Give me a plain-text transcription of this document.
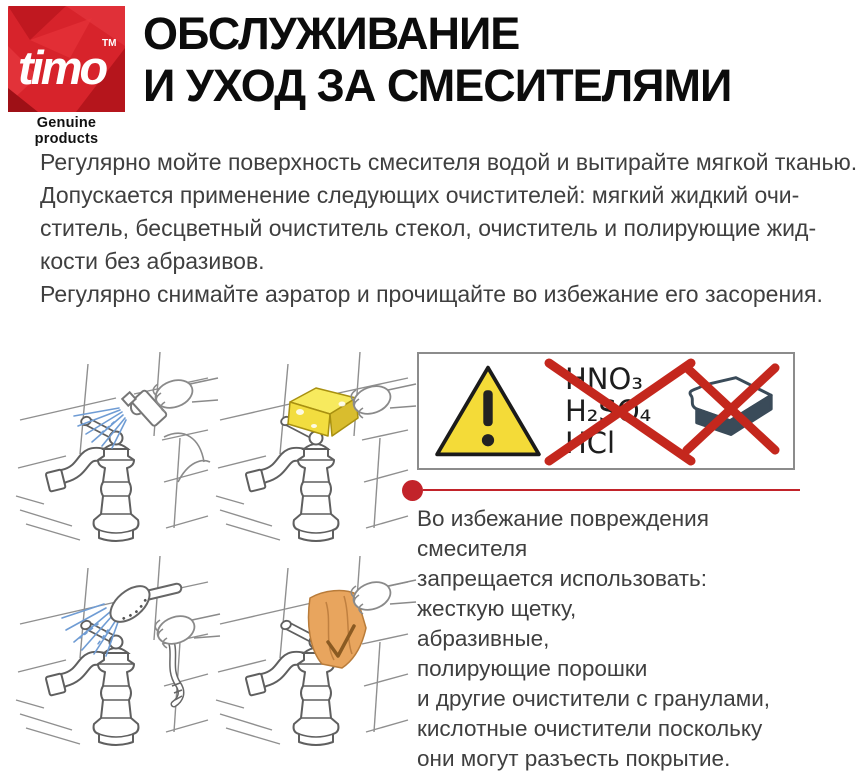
timo
TM
Genuine products
ОБСЛУЖИВАНИЕ
И УХОД ЗА СМЕСИТЕЛЯМИ
Регулярно мойте поверхность смесителя водой и вытирайте мягкой тканью.
Допускается применение следующих очистителей: мягкий жидкий очи-
ститель, бесцветный очиститель стекол, очиститель и полирующие жид-
кости без абразивов.
Регулярно снимайте аэратор и прочищайте во избежание его засорения.
HNO₃
H₂SO₄
HCl
Во избежание повреждения смесителя
запрещается использовать:
жесткую щетку,
абразивные,
полирующие порошки
и другие очистители с гранулами,
кислотные очистители поскольку
они могут разъесть покрытие.
